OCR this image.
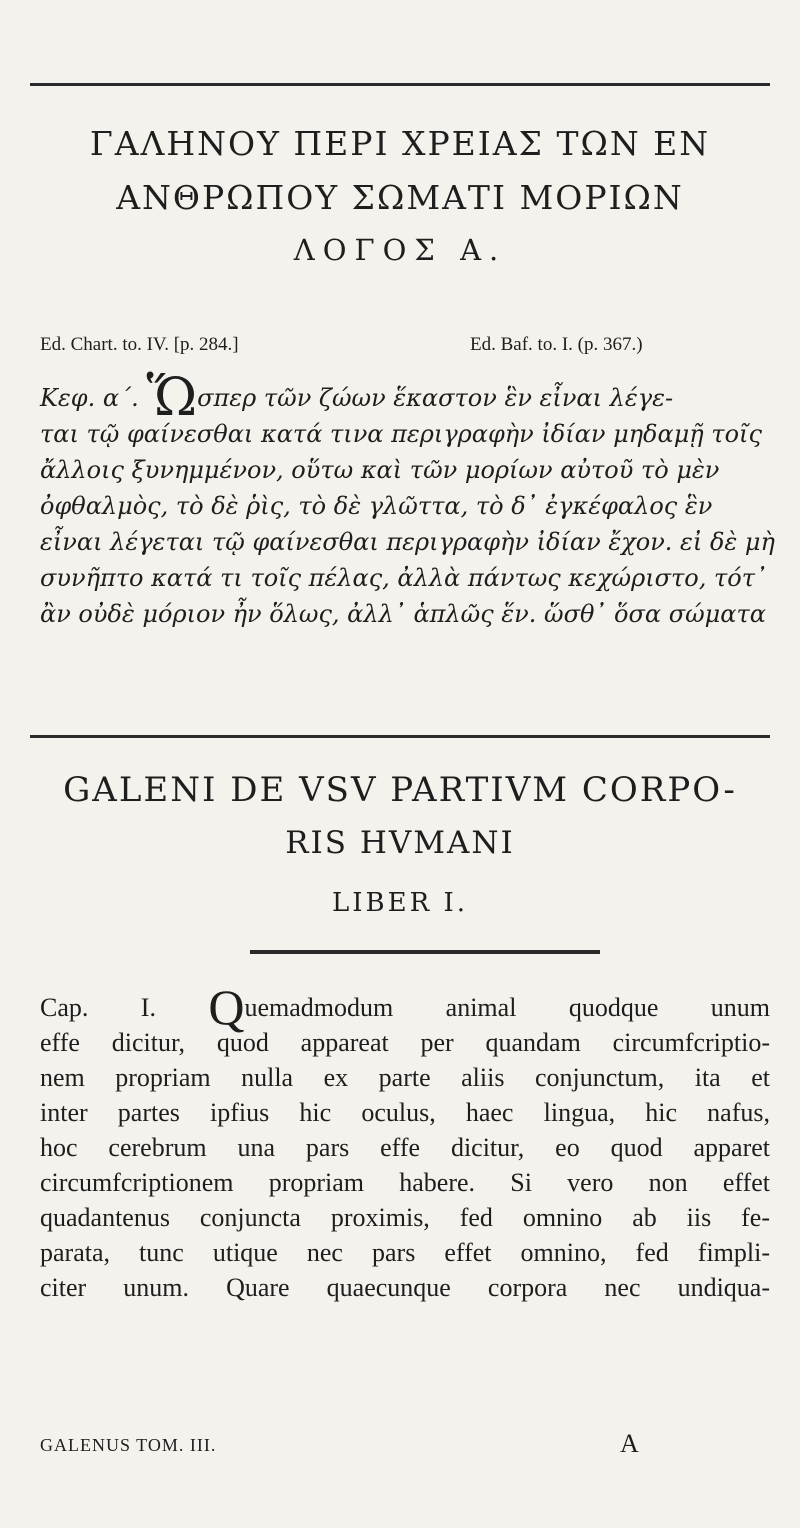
ΓΑΛΗΝΟΥ ΠΕΡΙ ΧΡΕΙΑΣ ΤΩΝ ΕΝ
ΑΝΘΡΩΠΟΥ ΣΩΜΑΤΙ ΜΟΡΙΩΝ
ΛΟΓΟΣ Α.
Ed. Chart. to. IV. [p. 284.]	Ed. Baf. to. I. (p. 367.)
Κεφ. α΄. Ὥσπερ τῶν ζώων ἕκαστον ἓν εἶναι λέγε-
ται τῷ φαίνεσθαι κατά τινα περιγραφὴν ἰδίαν μηδαμῇ τοῖς
ἄλλοις ξυνημμένον, οὕτω καὶ τῶν μορίων αὐτοῦ τὸ μὲν
ὀφθαλμὸς, τὸ δὲ ῥὶς, τὸ δὲ γλῶττα, τὸ δ᾽ ἐγκέφαλος ἓν
εἶναι λέγεται τῷ φαίνεσθαι περιγραφὴν ἰδίαν ἔχον. εἰ δὲ μὴ
συνῆπτο κατά τι τοῖς πέλας, ἀλλὰ πάντως κεχώριστο, τότ᾽
ἂν οὐδὲ μόριον ἦν ὅλως, ἀλλ᾽ ἁπλῶς ἕν. ὥσθ᾽ ὅσα σώματα
GALENI DE VSV PARTIVM CORPO-
RIS HVMANI
LIBER I.
Cap. I. Quemadmodum animal quodque unum
effe dicitur, quod appareat per quandam circumfcriptio-
nem propriam nulla ex parte aliis conjunctum, ita et
inter partes ipfius hic oculus, haec lingua, hic nafus,
hoc cerebrum una pars effe dicitur, eo quod apparet
circumfcriptionem propriam habere. Si vero non effet
quadantenus conjuncta proximis, fed omnino ab iis fe-
parata, tunc utique nec pars effet omnino, fed fimpli-
citer unum. Quare quaecunque corpora nec undiqua-
GALENUS TOM. III.	A
